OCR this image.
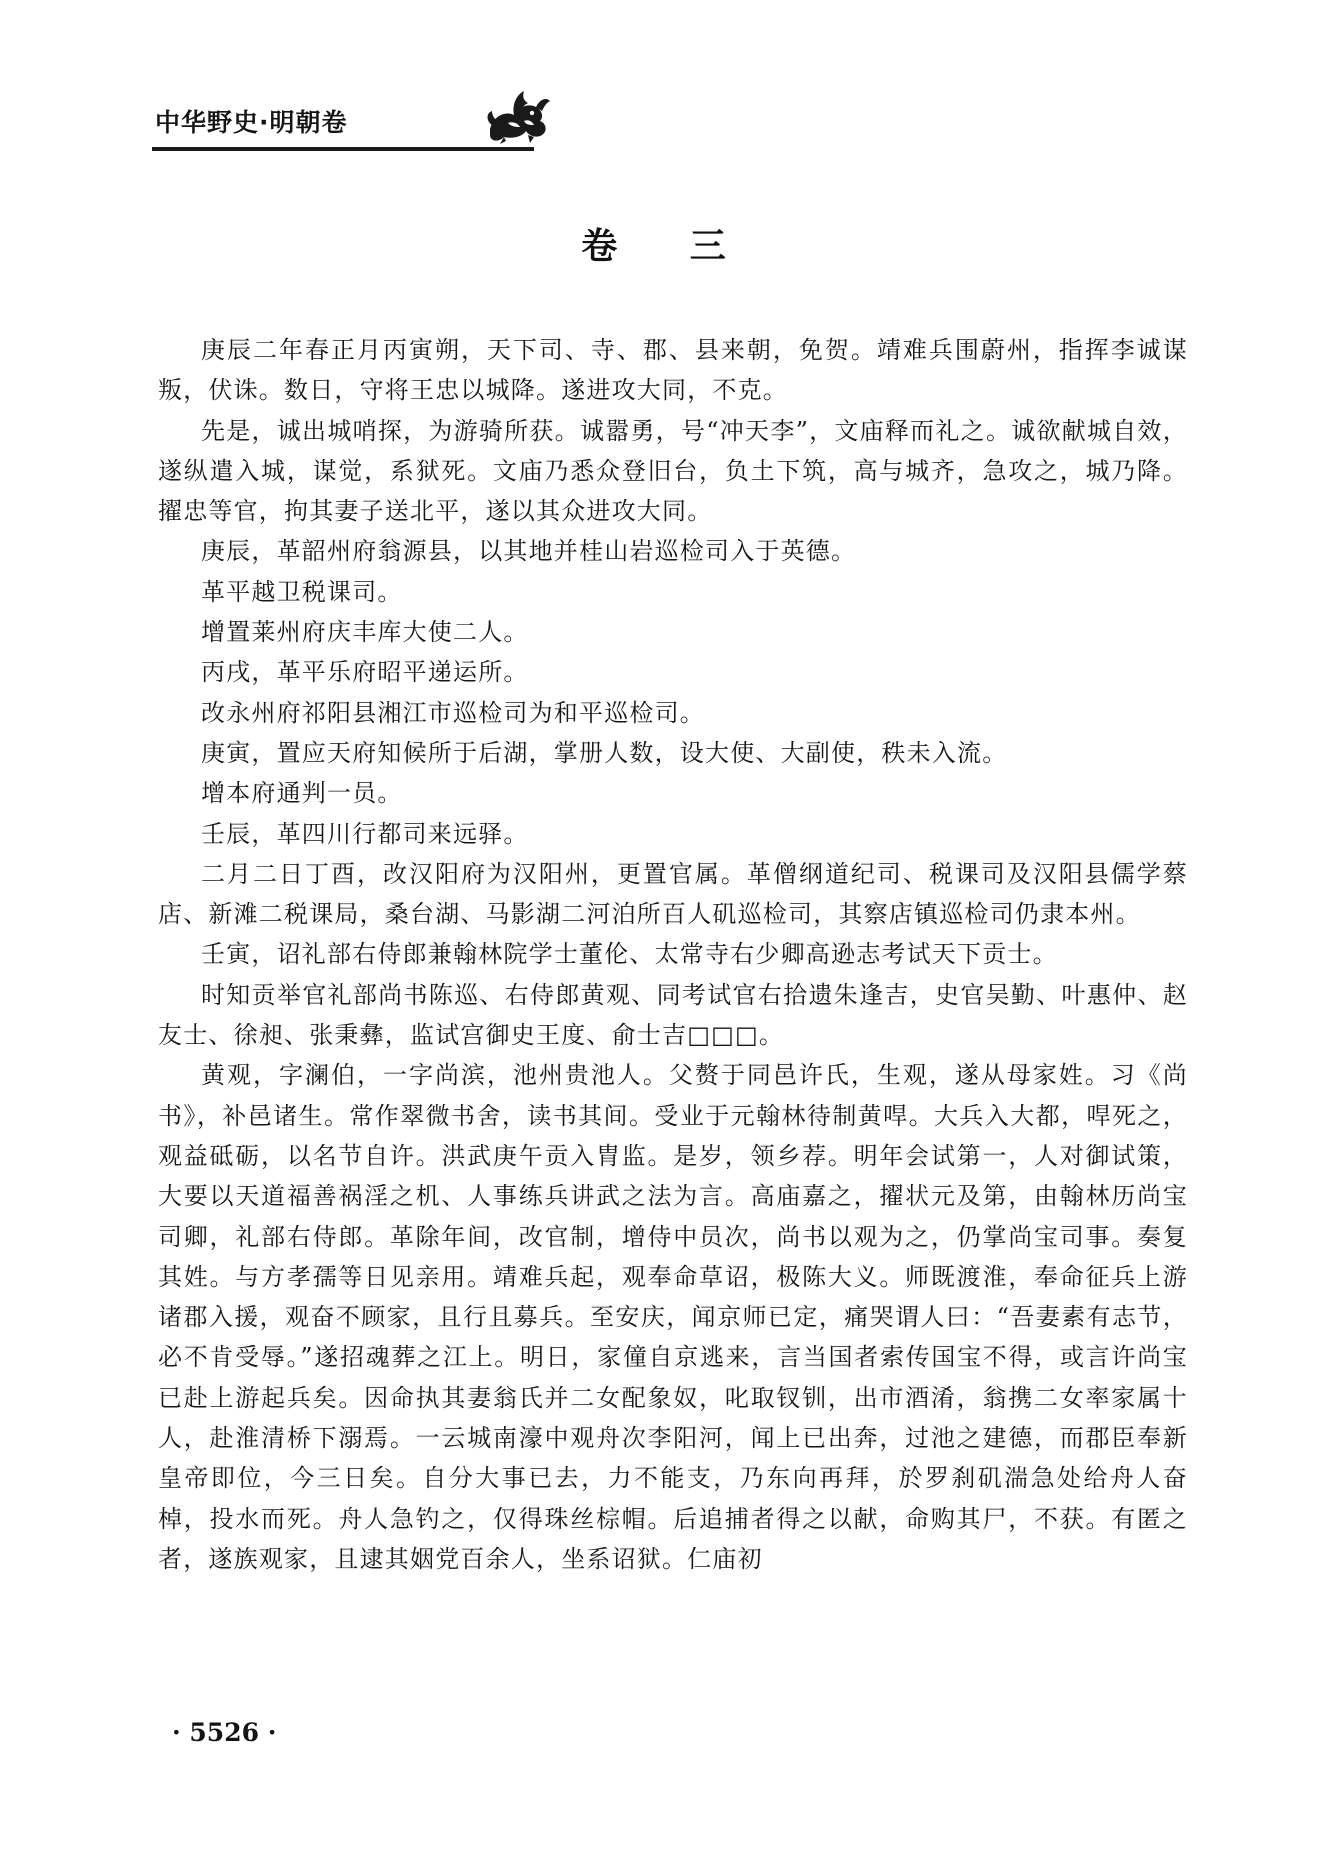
中华野史·明朝卷
卷 三

庚辰二年春正月丙寅朔，天下司、寺、郡、县来朝，免贺。靖难兵围蔚州，指挥李诚谋叛，伏诛。数日，守将王忠以城降。遂进攻大同，不克。

先是，诚出城哨探，为游骑所获。诚嚣勇，号“冲天李”，文庙释而礼之。诚欲献城自效，遂纵遣入城，谋觉，系狱死。文庙乃悉众登旧台，负土下筑，高与城齐，急攻之，城乃降。擢忠等官，拘其妻子送北平，遂以其众进攻大同。

庚辰，革韶州府翁源县，以其地并桂山岩巡检司入于英德。

革平越卫税课司。

增置莱州府庆丰库大使二人。

丙戌，革平乐府昭平递运所。

改永州府祁阳县湘江市巡检司为和平巡检司。

庚寅，置应天府知候所于后湖，掌册人数，设大使、大副使，秩未入流。

增本府通判一员。

壬辰，革四川行都司来远驿。

二月二日丁酉，改汉阳府为汉阳州，更置官属。革僧纲道纪司、税课司及汉阳县儒学蔡店、新滩二税课局，桑台湖、马影湖二河泊所百人矶巡检司，其察店镇巡检司仍隶本州。

壬寅，诏礼部右侍郎兼翰林院学士董伦、太常寺右少卿高逊志考试天下贡士。

时知贡举官礼部尚书陈巡、右侍郎黄观、同考试官右拾遗朱逢吉，史官吴勤、叶惠仲、赵友士、徐昶、张秉彝，监试宫御史王度、俞士吉□□□。

黄观，字澜伯，一字尚滨，池州贵池人。父赘于同邑许氏，生观，遂从母家姓。习《尚书》，补邑诸生。常作翠微书舍，读书其间。受业于元翰林待制黄哻。大兵入大都，哻死之，观益砥砺，以名节自许。洪武庚午贡入胄监。是岁，领乡荐。明年会试第一，人对御试策，大要以天道福善祸淫之机、人事练兵讲武之法为言。高庙嘉之，擢状元及第，由翰林历尚宝司卿，礼部右侍郎。革除年间，改官制，增侍中员次，尚书以观为之，仍掌尚宝司事。奏复其姓。与方孝孺等日见亲用。靖难兵起，观奉命草诏，极陈大义。师既渡淮，奉命征兵上游诸郡入援，观奋不顾家，且行且募兵。至安庆，闻京师已定，痛哭谓人曰：“吾妻素有志节，必不肯受辱。”遂招魂葬之江上。明日，家僮自京逃来，言当国者索传国宝不得，或言许尚宝已赴上游起兵矣。因命执其妻翁氏并二女配象奴，叱取钗钏，出市酒淆，翁携二女率家属十人，赴淮清桥下溺焉。一云城南濠中观舟次李阳河，闻上已出奔，过池之建德，而郡臣奉新皇帝即位，今三日矣。自分大事已去，力不能支，乃东向再拜，於罗刹矶湍急处给舟人奋棹，投水而死。舟人急钓之，仅得珠丝棕帽。后追捕者得之以献，命购其尸，不获。有匿之者，遂族观家，且逮其姻党百余人，坐系诏狱。仁庙初

· 5526 ·
